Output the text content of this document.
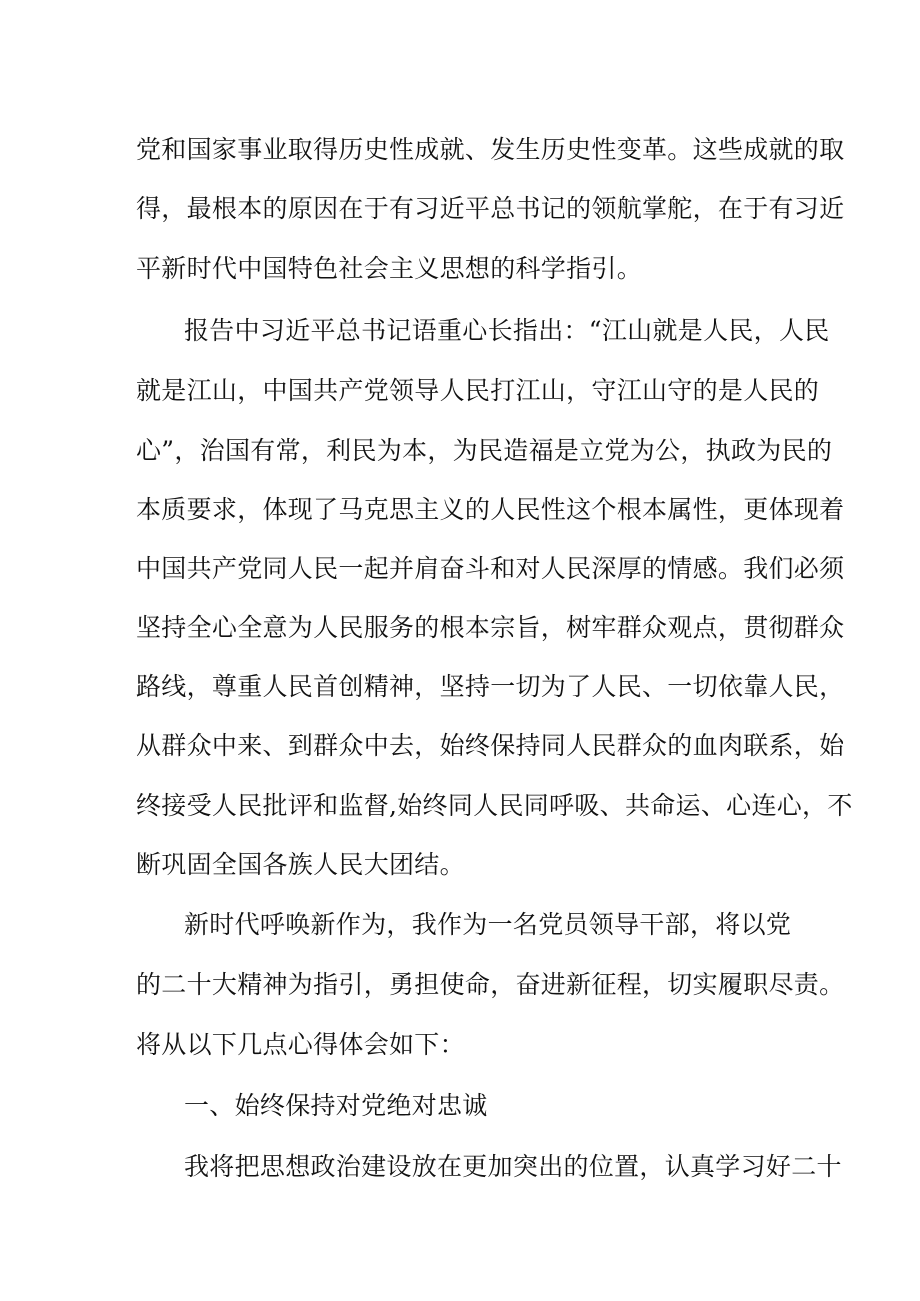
党和国家事业取得历史性成就、发生历史性变革。这些成就的取
得，最根本的原因在于有习近平总书记的领航掌舵，在于有习近
平新时代中国特色社会主义思想的科学指引。
报告中习近平总书记语重心长指出：“江山就是人民，人民
就是江山，中国共产党领导人民打江山，守江山守的是人民的
心”，治国有常，利民为本，为民造福是立党为公，执政为民的
本质要求，体现了马克思主义的人民性这个根本属性，更体现着
中国共产党同人民一起并肩奋斗和对人民深厚的情感。我们必须
坚持全心全意为人民服务的根本宗旨，树牢群众观点，贯彻群众
路线，尊重人民首创精神，坚持一切为了人民、一切依靠人民，
从群众中来、到群众中去，始终保持同人民群众的血肉联系，始
终接受人民批评和监督,始终同人民同呼吸、共命运、心连心，不
断巩固全国各族人民大团结。
新时代呼唤新作为，我作为一名党员领导干部，将以党
的二十大精神为指引，勇担使命，奋进新征程，切实履职尽责。
将从以下几点心得体会如下：
一、始终保持对党绝对忠诚
我将把思想政治建设放在更加突出的位置，认真学习好二十
